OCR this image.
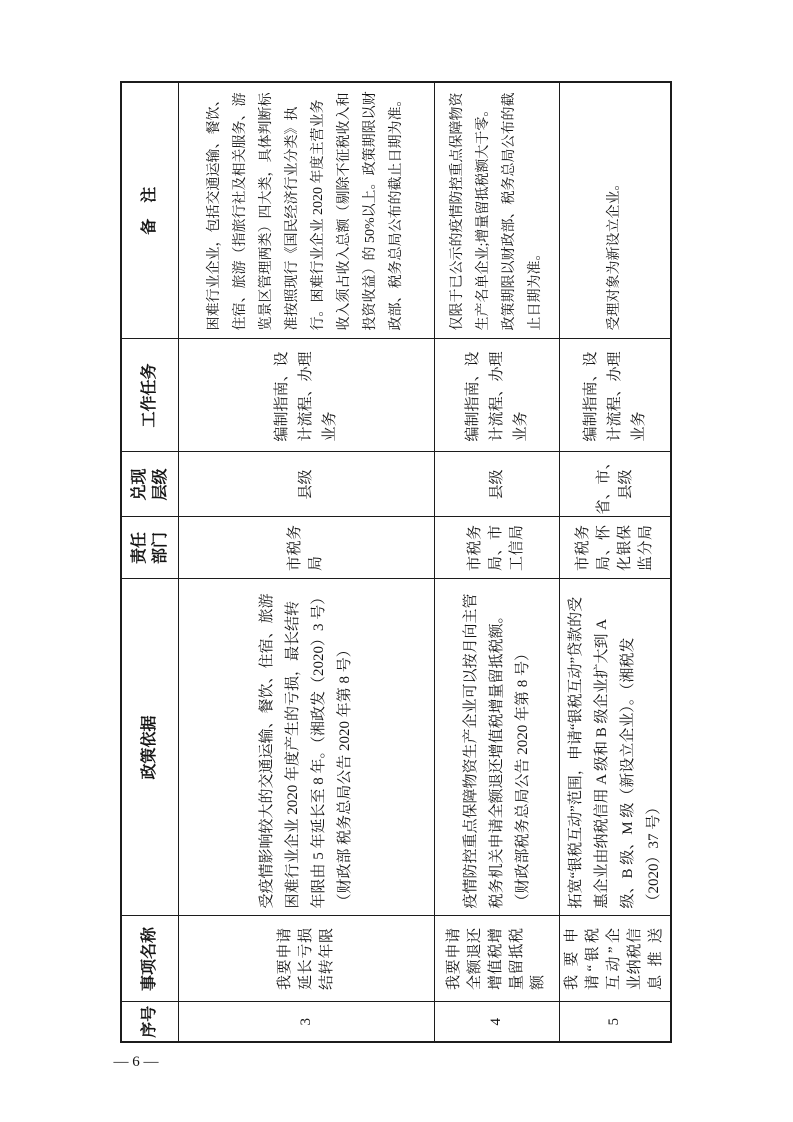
序号	事项名称	政策依据	责任部门	兑现层级	工作任务	备　注

3	我要申请延长亏损结转年限	受疫情影响较大的交通运输、餐饮、住宿、旅游困难行业企业 2020 年度产生的亏损，最长结转年限由 5 年延长至 8 年。（湘政发（2020）3 号）（财政部 税务总局公告 2020 年第 8 号）	市税务局	县级	编制指南、设计流程、办理业务	困难行业企业，包括交通运输、餐饮、住宿、旅游（指旅行社及相关服务、游览景区管理两类）四大类，具体判断标准按照现行《国民经济行业分类》执行。困难行业企业 2020 年度主营业务收入须占收入总额（剔除不征税收入和投资收益）的 50%以上。政策期限以财政部、税务总局公布的截止日期为准。

4	我要申请全额退还增值税增量留抵税额	疫情防控重点保障物资生产企业可以按月向主管税务机关申请全额退还增值税增量留抵税额。（财政部税务总局公告 2020 年第 8 号）	市税务局、市工信局	县级	编制指南、设计流程、办理业务	仅限于已公示的疫情防控重点保障物资生产名单企业;增量留抵税额大于零。政策期限以财政部、税务总局公布的截止日期为准。

5	我要申请“银税互动”企业纳税信息推送	拓宽“银税互动”范围，申请“银税互动”贷款的受惠企业由纳税信用 A 级和 B 级企业扩大到 A 级、B 级、M 级（新设立企业）。（湘税发（2020）37 号）	市税务局、怀化银保监分局	省、市、县级	编制指南、设计流程、办理业务	受理对象为新设立企业。
— 6 —
